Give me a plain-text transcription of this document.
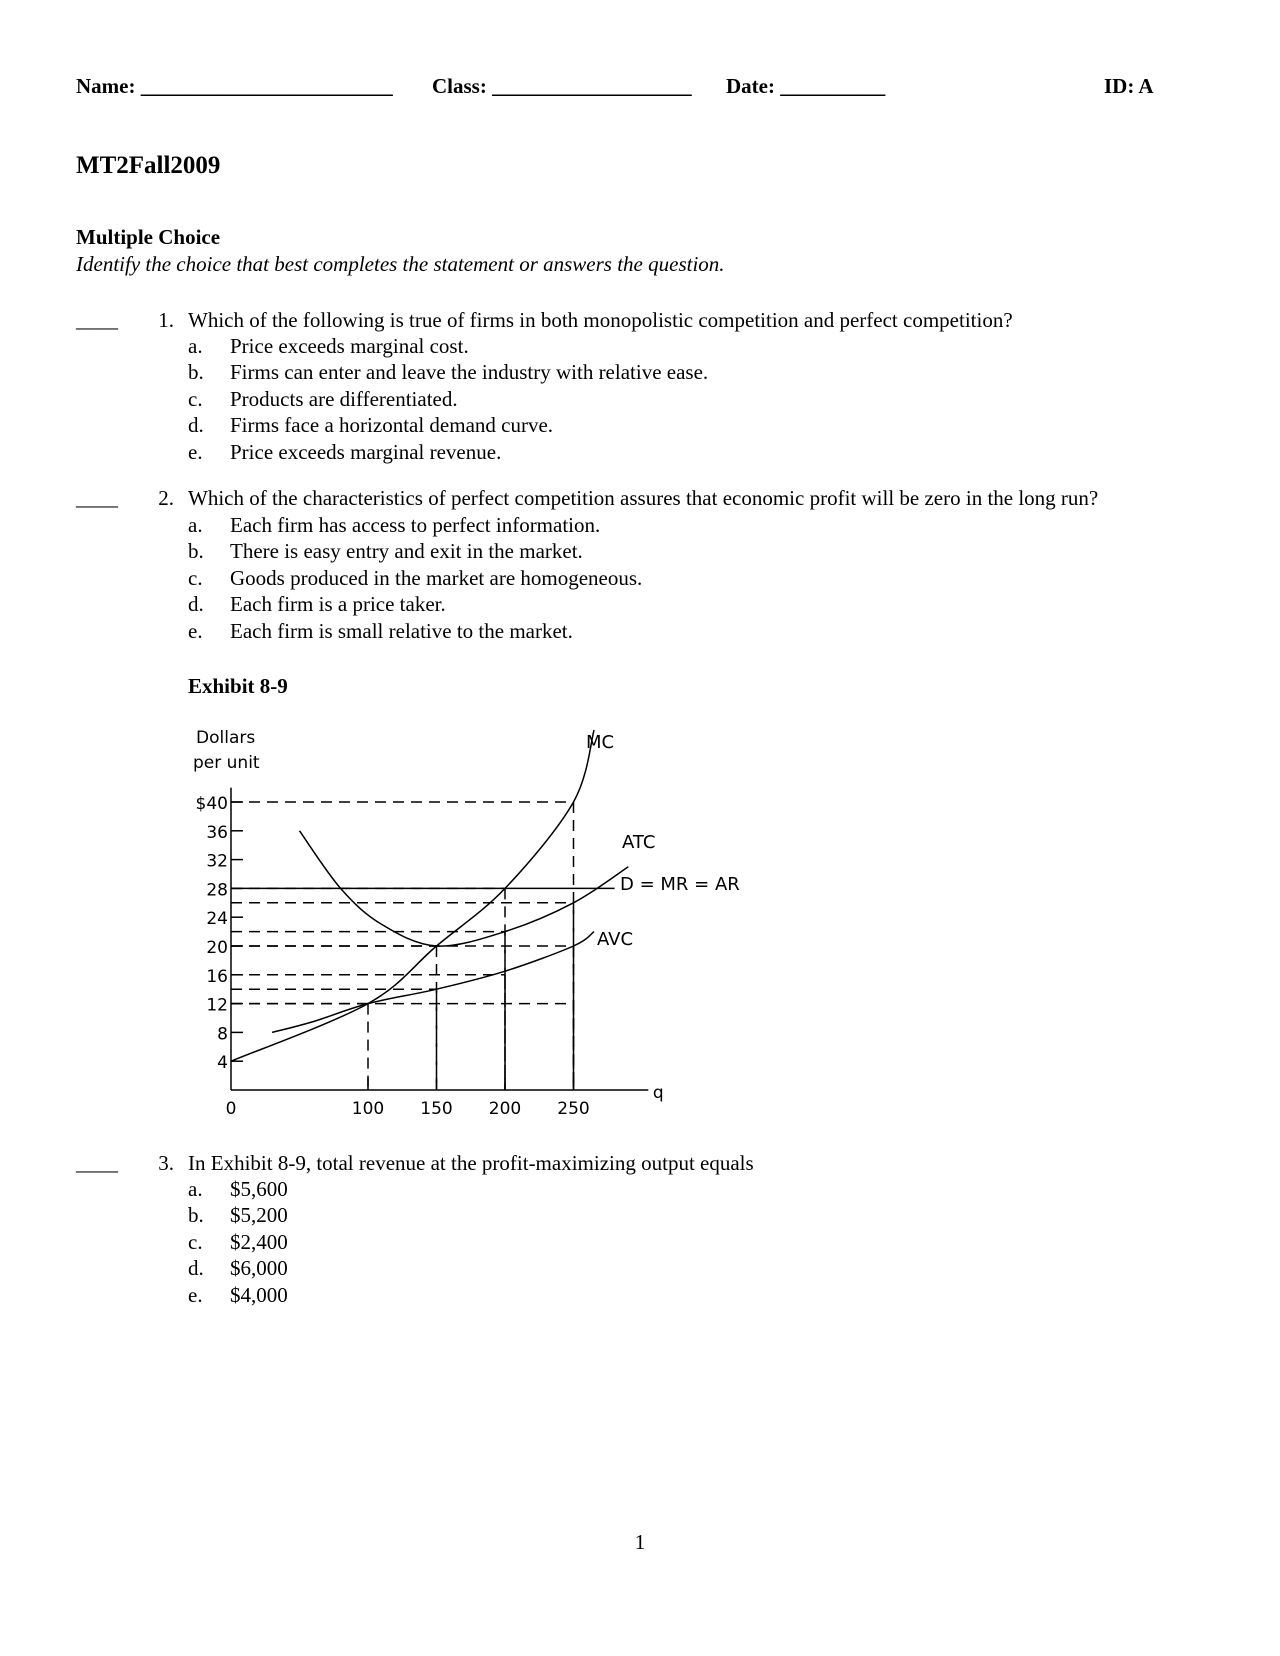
Name: ________________________ Class: ___________________ Date: __________	ID: A
MT2Fall2009
Multiple Choice
Identify the choice that best completes the statement or answers the question.
____	1. Which of the following is true of firms in both monopolistic competition and perfect competition?
a. Price exceeds marginal cost.
b. Firms can enter and leave the industry with relative ease.
c. Products are differentiated.
d. Firms face a horizontal demand curve.
e. Price exceeds marginal revenue.
____	2. Which of the characteristics of perfect competition assures that economic profit will be zero in the long run?
a. Each firm has access to perfect information.
b. There is easy entry and exit in the market.
c. Goods produced in the market are homogeneous.
d. Each firm is a price taker.
e. Each firm is small relative to the market.
Exhibit 8-9
$40
36
32
28
24
20
16
12
8
4
100 150 200 250
0
q
Dollars
per unit
MC
ATC
AVC
D = MR = AR
____	3. In Exhibit 8-9, total revenue at the profit-maximizing output equals
a. $5,600
b. $5,200
c. $2,400
d. $6,000
e. $4,000
1
